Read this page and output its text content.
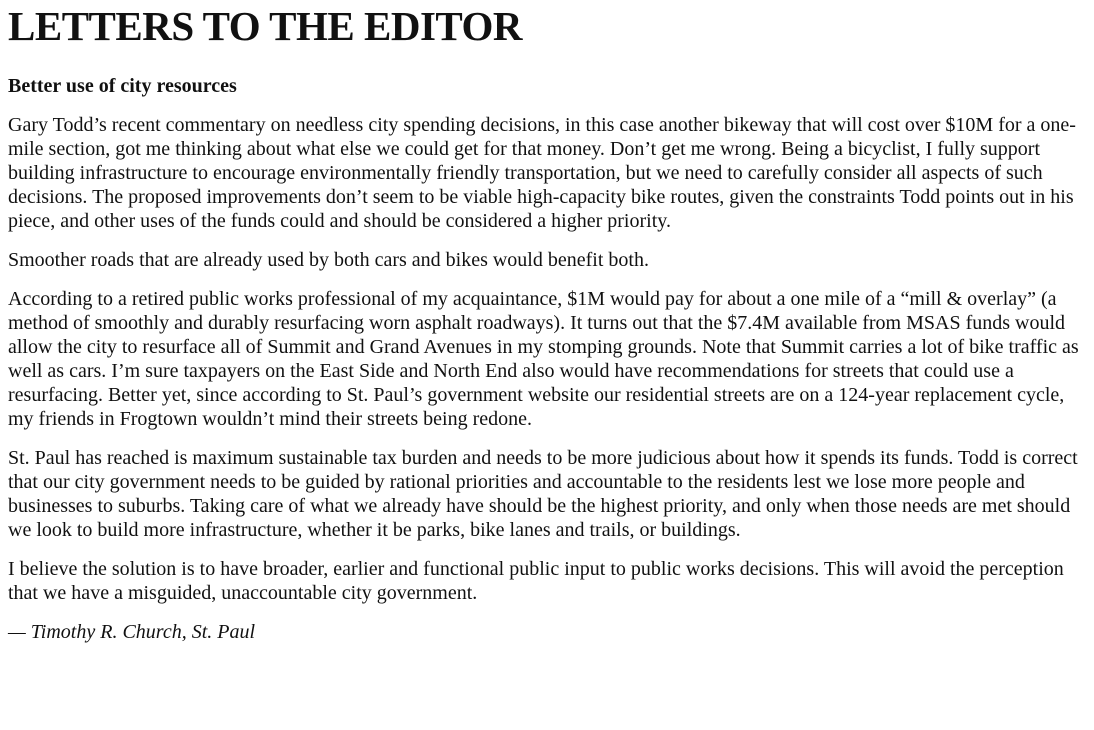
LETTERS TO THE EDITOR
Better use of city resources

Gary Todd’s recent commentary on needless city spending decisions, in this case another bikeway that will cost over $10M for a one-mile section, got me thinking about what else we could get for that money. Don’t get me wrong. Being a bicyclist, I fully support building infrastructure to encourage environmentally friendly transportation, but we need to carefully consider all aspects of such decisions. The proposed improvements don’t seem to be viable high-capacity bike routes, given the constraints Todd points out in his piece, and other uses of the funds could and should be considered a higher priority.

Smoother roads that are already used by both cars and bikes would benefit both.

According to a retired public works professional of my acquaintance, $1M would pay for about a one mile of a “mill & overlay” (a method of smoothly and durably resurfacing worn asphalt roadways). It turns out that the $7.4M available from MSAS funds would allow the city to resurface all of Summit and Grand Avenues in my stomping grounds. Note that Summit carries a lot of bike traffic as well as cars. I’m sure taxpayers on the East Side and North End also would have recommendations for streets that could use a resurfacing. Better yet, since according to St. Paul’s government website our residential streets are on a 124-year replacement cycle, my friends in Frogtown wouldn’t mind their streets being redone.

St. Paul has reached is maximum sustainable tax burden and needs to be more judicious about how it spends its funds. Todd is correct that our city government needs to be guided by rational priorities and accountable to the residents lest we lose more people and businesses to suburbs. Taking care of what we already have should be the highest priority, and only when those needs are met should we look to build more infrastructure, whether it be parks, bike lanes and trails, or buildings.

I believe the solution is to have broader, earlier and functional public input to public works decisions. This will avoid the perception that we have a misguided, unaccountable city government.

— Timothy R. Church, St. Paul
